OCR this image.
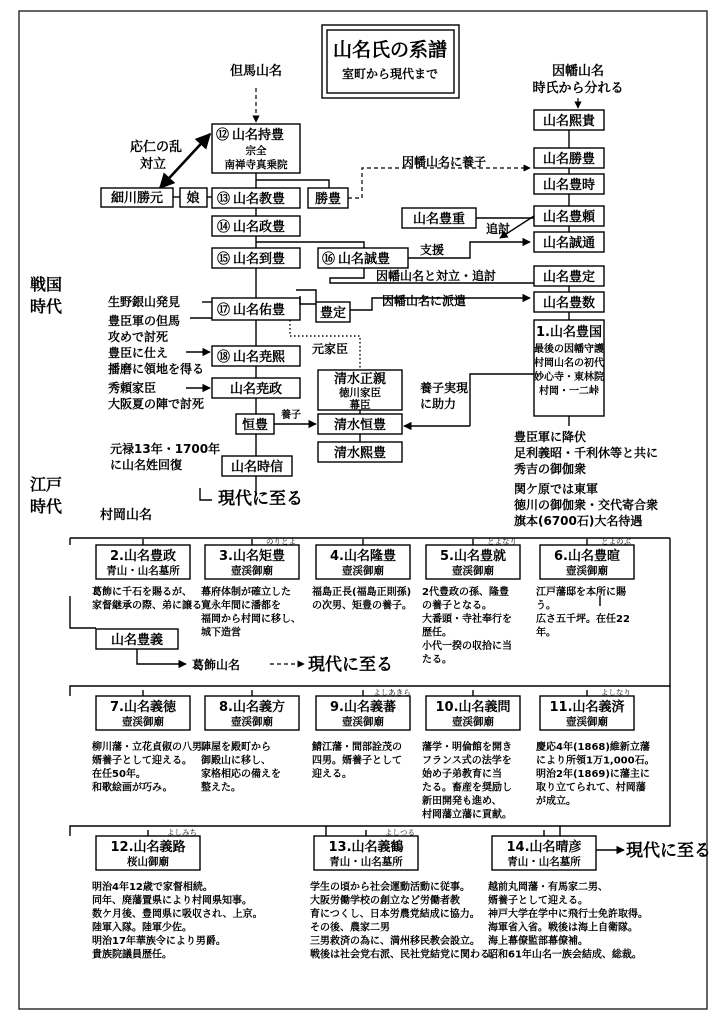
山名氏の系譜
室町から現代まで
戦国
時代
江戸
時代
但馬山名	因幡山名
時氏から分れる
村岡山名
⑫ 山名持豊
宗全
南禅寺真乗院
応仁の乱
対立
細川勝元 娘 ⑬ 山名教豊 勝豊
因幡山名に養子
⑭ 山名政豊
⑮ 山名到豊	⑯ 山名誠豊
支援
因幡山名と対立・追討
生野銀山発見
⑰ 山名佑豊
豊臣軍の但馬
攻めで討死
豊定
因幡山名に派遣
元家臣
豊臣に仕え
播磨に領地を得る
⑱ 山名尭熙
秀頼家臣
大阪夏の陣で討死
山名尭政
恒豊
養子
清水正親
徳川家臣
幕臣
清水恒豊
養子実現
に助力
清水熙豊
元禄13年・1700年
に山名姓回復	山名時信
現代に至る
山名熙貴
山名勝豊
山名豊時
山名豊重	山名豊頼
追討
山名誠通
山名豊定
山名豊数
1.山名豊国
最後の因幡守護
村岡山名の初代
妙心寺・東林院
村岡・一二峠
豊臣軍に降伏
足利義昭・千利休等と共に
秀吉の御伽衆
関ケ原では東軍
徳川の御伽衆・交代寄合衆
旗本(6700石)大名待遇
2.山名豊政
青山・山名墓所
葛飾に千石を賜るが、
家督継承の際、弟に譲る
のりとよ
3.山名矩豊
壺渓御廟
幕府体制が確立した
寛永年間に潘都を
福岡から村岡に移し、
城下造営
4.山名隆豊
壺渓御廟
福島正長(福島正則孫)
の次男、矩豊の養子。
とよなり
5.山名豊就
壺渓御廟
2代豊政の孫、隆豊
の養子となる。
大番頭・寺社奉行を
歴任。
小代一揆の収拾に当
たる。
とよのぶ
6.山名豊暄
壺渓御廟
江戸藩邸を本所に賜
う。
広さ五千坪。在任22
年。
7.山名義徳
壺渓御廟
柳川藩・立花貞俶の八男、
婿養子として迎える。
在任50年。
和歌絵画が巧み。
8.山名義方
壺渓御廟
陣屋を殿町から
御殿山に移し、
家格相応の備えを
整えた。
よしあきら
9.山名義蕃
壺渓御廟
鯖江藩・間部詮茂の
四男。婿養子として
迎える。
10.山名義問
壺渓御廟
藩学・明倫館を開き
フランス式の法学を
始め子弟教育に当
たる。畜産を奨励し
新田開発も進め、
村岡藩立藩に貢献。
よしなり
11.山名義済
壺渓御廟
慶応4年(1868)維新立藩
により所領1万1,000石。
明治2年(1869)に藩主に
取り立てられて、村岡藩
が成立。
よしみち
12.山名義路
桜山御廟
明治4年12歳で家督相続。
同年、廃藩置県により村岡県知事。
数ケ月後、豊岡県に吸収され、上京。
陸軍入隊。陸軍少佐。
明治17年華族令により男爵。
貴族院議員歴任。
よしつる
13.山名義鶴
青山・山名墓所
学生の頃から社会運動活動に従事。
大阪労働学校の創立など労働者教
育につくし、日本労農党結成に協力。
その後、農家二男
三男救済の為に、満州移民教会設立。
戦後は社会党右派、民社党結党に関わる。
14.山名晴彦
青山・山名墓所
越前丸岡藩・有馬家二男、
婿養子として迎える。
神戸大学在学中に飛行士免許取得。
海軍省入省。戦後は海上自衛隊。
海上幕僚監部幕僚補。
昭和61年山名一族会結成、総裁。
山名豊義
葛飾山名	現代に至る
現代に至る
